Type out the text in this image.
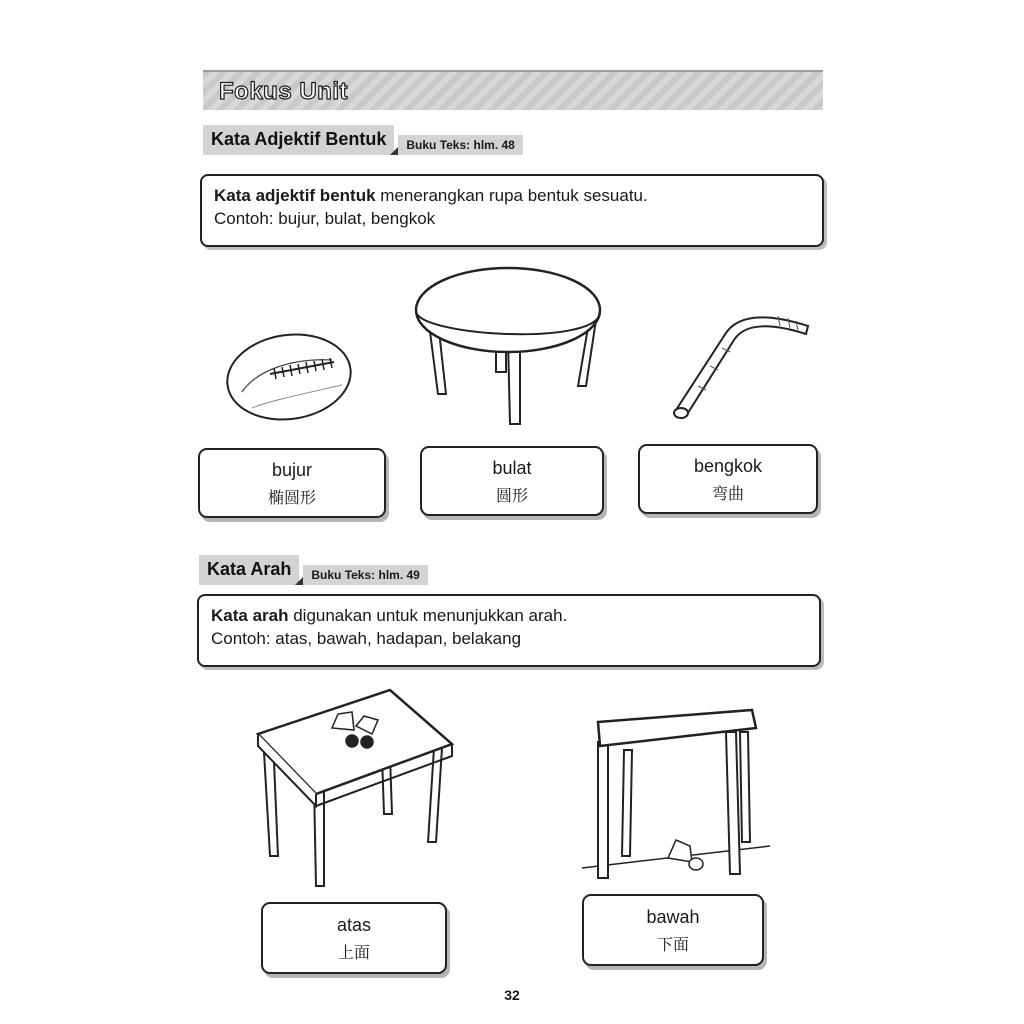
Fokus Unit
Kata Adjektif Bentuk	Buku Teks: hlm. 48
Kata adjektif bentuk menerangkan rupa bentuk sesuatu.
Contoh: bujur, bulat, bengkok
bujur
椭圆形
bulat
圆形
bengkok
弯曲
Kata Arah	Buku Teks: hlm. 49
Kata arah digunakan untuk menunjukkan arah.
Contoh: atas, bawah, hadapan, belakang
atas
上面
bawah
下面
32
